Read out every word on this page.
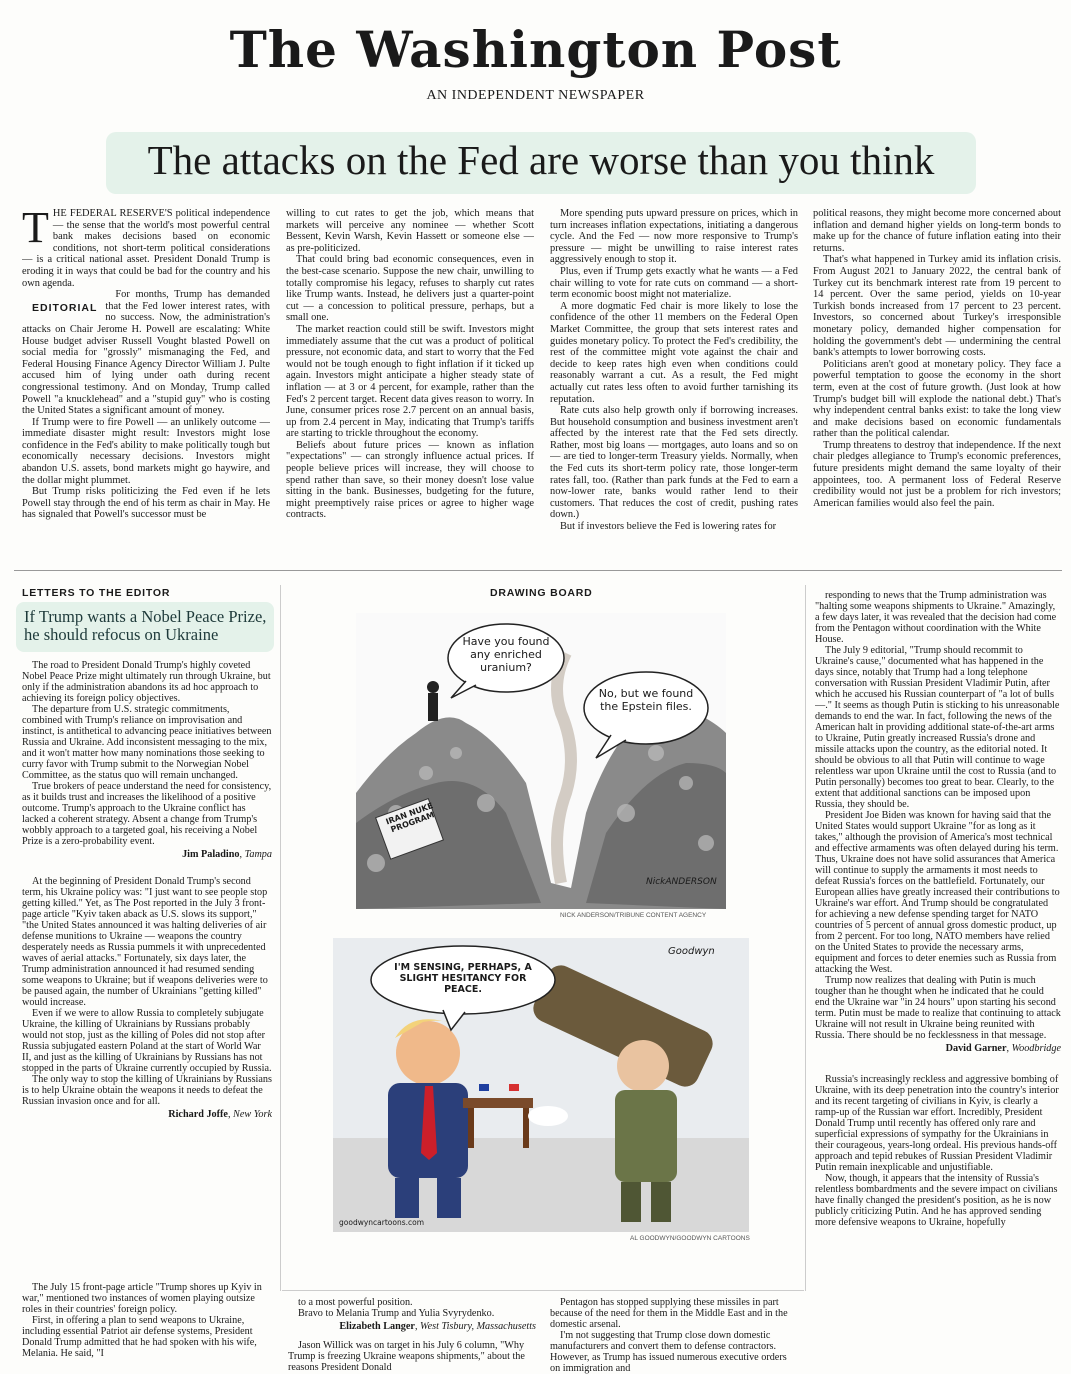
The Washington Post
AN INDEPENDENT NEWSPAPER
The attacks on the Fed are worse than you think
T HE FEDERAL RESERVE'S political independence — the sense that the world's most powerful central bank makes decisions based on economic conditions, not short-term political considerations — is a critical national asset. President Donald Trump is eroding it in ways that could be bad for the country and his own agenda.

EDITORIAL
For months, Trump has demanded that the Fed lower interest rates, with no success. Now, the administration's attacks on Chair Jerome H. Powell are escalating: White House budget adviser Russell Vought blasted Powell on social media for "grossly" mismanaging the Fed, and Federal Housing Finance Agency Director William J. Pulte accused him of lying under oath during recent congressional testimony. And on Monday, Trump called Powell "a knucklehead" and a "stupid guy" who is costing the United States a significant amount of money.

If Trump were to fire Powell — an unlikely outcome — immediate disaster might result: Investors might lose confidence in the Fed's ability to make politically tough but economically necessary decisions. Investors might abandon U.S. assets, bond markets might go haywire, and the dollar might plummet.

But Trump risks politicizing the Fed even if he lets Powell stay through the end of his term as chair in May. He has signaled that Powell's successor must be

willing to cut rates to get the job, which means that markets will perceive any nominee — whether Scott Bessent, Kevin Warsh, Kevin Hassett or someone else — as pre-politicized.

That could bring bad economic consequences, even in the best-case scenario. Suppose the new chair, unwilling to totally compromise his legacy, refuses to sharply cut rates like Trump wants. Instead, he delivers just a quarter-point cut — a concession to political pressure, perhaps, but a small one.

The market reaction could still be swift. Investors might immediately assume that the cut was a product of political pressure, not economic data, and start to worry that the Fed would not be tough enough to fight inflation if it ticked up again. Investors might anticipate a higher steady state of inflation — at 3 or 4 percent, for example, rather than the Fed's 2 percent target. Recent data gives reason to worry. In June, consumer prices rose 2.7 percent on an annual basis, up from 2.4 percent in May, indicating that Trump's tariffs are starting to trickle throughout the economy.

Beliefs about future prices — known as inflation "expectations" — can strongly influence actual prices. If people believe prices will increase, they will choose to spend rather than save, so their money doesn't lose value sitting in the bank. Businesses, budgeting for the future, might preemptively raise prices or agree to higher wage contracts.

More spending puts upward pressure on prices, which in turn increases inflation expectations, initiating a dangerous cycle. And the Fed — now more responsive to Trump's pressure — might be unwilling to raise interest rates aggressively enough to stop it.

Plus, even if Trump gets exactly what he wants — a Fed chair willing to vote for rate cuts on command — a short-term economic boost might not materialize.

A more dogmatic Fed chair is more likely to lose the confidence of the other 11 members on the Federal Open Market Committee, the group that sets interest rates and guides monetary policy. To protect the Fed's credibility, the rest of the committee might vote against the chair and decide to keep rates high even when conditions could reasonably warrant a cut. As a result, the Fed might actually cut rates less often to avoid further tarnishing its reputation.

Rate cuts also help growth only if borrowing increases. But household consumption and business investment aren't affected by the interest rate that the Fed sets directly. Rather, most big loans — mortgages, auto loans and so on — are tied to longer-term Treasury yields. Normally, when the Fed cuts its short-term policy rate, those longer-term rates fall, too. (Rather than park funds at the Fed to earn a now-lower rate, banks would rather lend to their customers. That reduces the cost of credit, pushing rates down.)

But if investors believe the Fed is lowering rates for

political reasons, they might become more concerned about inflation and demand higher yields on long-term bonds to make up for the chance of future inflation eating into their returns.

That's what happened in Turkey amid its inflation crisis. From August 2021 to January 2022, the central bank of Turkey cut its benchmark interest rate from 19 percent to 14 percent. Over the same period, yields on 10-year Turkish bonds increased from 17 percent to 23 percent. Investors, so concerned about Turkey's irresponsible monetary policy, demanded higher compensation for holding the government's debt — undermining the central bank's attempts to lower borrowing costs.

Politicians aren't good at monetary policy. They face a powerful temptation to goose the economy in the short term, even at the cost of future growth. (Just look at how Trump's budget bill will explode the national debt.) That's why independent central banks exist: to take the long view and make decisions based on economic fundamentals rather than the political calendar.

Trump threatens to destroy that independence. If the next chair pledges allegiance to Trump's economic preferences, future presidents might demand the same loyalty of their appointees, too. A permanent loss of Federal Reserve credibility would not just be a problem for rich investors; American families would also feel the pain.

LETTERS TO THE EDITOR
If Trump wants a Nobel Peace Prize, he should refocus on Ukraine

The road to President Donald Trump's highly coveted Nobel Peace Prize might ultimately run through Ukraine, but only if the administration abandons its ad hoc approach to achieving its foreign policy objectives.

The departure from U.S. strategic commitments, combined with Trump's reliance on improvisation and instinct, is antithetical to advancing peace initiatives between Russia and Ukraine. Add inconsistent messaging to the mix, and it won't matter how many nominations those seeking to curry favor with Trump submit to the Norwegian Nobel Committee, as the status quo will remain unchanged.

True brokers of peace understand the need for consistency, as it builds trust and increases the likelihood of a positive outcome. Trump's approach to the Ukraine conflict has lacked a coherent strategy. Absent a change from Trump's wobbly approach to a targeted goal, his receiving a Nobel Prize is a zero-probability event.

Jim Paladino, Tampa

At the beginning of President Donald Trump's second term, his Ukraine policy was: "I just want to see people stop getting killed." Yet, as The Post reported in the July 3 front-page article "Kyiv taken aback as U.S. slows its support," "the United States announced it was halting deliveries of air defense munitions to Ukraine — weapons the country desperately needs as Russia pummels it with unprecedented waves of aerial attacks." Fortunately, six days later, the Trump administration announced it had resumed sending some weapons to Ukraine; but if weapons deliveries were to be paused again, the number of Ukrainians "getting killed" would increase.

Even if we were to allow Russia to completely subjugate Ukraine, the killing of Ukrainians by Russians probably would not stop, just as the killing of Poles did not stop after Russia subjugated eastern Poland at the start of World War II, and just as the killing of Ukrainians by Russians has not stopped in the parts of Ukraine currently occupied by Russia.

The only way to stop the killing of Ukrainians by Russians is to help Ukraine obtain the weapons it needs to defeat the Russian invasion once and for all.

Richard Joffe, New York

The July 15 front-page article "Trump shores up Kyiv in war," mentioned two instances of women playing outsize roles in their countries' foreign policy.

First, in offering a plan to send weapons to Ukraine, including essential Patriot air defense systems, President Donald Trump admitted that he had spoken with his wife, Melania. He said, "I

DRAWING BOARD
Have you found any enriched uranium?
No, but we found the Epstein files.
IRAN NUKE PROGRAM
NickANDERSON
NICK ANDERSON/TRIBUNE CONTENT AGENCY
I'M SENSING, PERHAPS, A SLIGHT HESITANCY FOR PEACE.
Goodwyn
goodwyncartoons.com
AL GOODWYN/GOODWYN CARTOONS

to a most powerful position.

Bravo to Melania Trump and Yulia Svyrydenko.

Elizabeth Langer, West Tisbury, Massachusetts

Jason Willick was on target in his July 6 column, "Why Trump is freezing Ukraine weapons shipments," about the reasons President Donald

Pentagon has stopped supplying these missiles in part because of the need for them in the Middle East and in the domestic arsenal.

I'm not suggesting that Trump close down domestic manufacturers and convert them to defense contractors. However, as Trump has issued numerous executive orders on immigration and

responding to news that the Trump administration was "halting some weapons shipments to Ukraine." Amazingly, a few days later, it was revealed that the decision had come from the Pentagon without coordination with the White House.

The July 9 editorial, "Trump should recommit to Ukraine's cause," documented what has happened in the days since, notably that Trump had a long telephone conversation with Russian President Vladimir Putin, after which he accused his Russian counterpart of "a lot of bulls—." It seems as though Putin is sticking to his unreasonable demands to end the war. In fact, following the news of the American halt in providing additional state-of-the-art arms to Ukraine, Putin greatly increased Russia's drone and missile attacks upon the country, as the editorial noted. It should be obvious to all that Putin will continue to wage relentless war upon Ukraine until the cost to Russia (and to Putin personally) becomes too great to bear. Clearly, to the extent that additional sanctions can be imposed upon Russia, they should be.

President Joe Biden was known for having said that the United States would support Ukraine "for as long as it takes," although the provision of America's most technical and effective armaments was often delayed during his term. Thus, Ukraine does not have solid assurances that America will continue to supply the armaments it most needs to defeat Russia's forces on the battlefield. Fortunately, our European allies have greatly increased their contributions to Ukraine's war effort. And Trump should be congratulated for achieving a new defense spending target for NATO countries of 5 percent of annual gross domestic product, up from 2 percent. For too long, NATO members have relied on the United States to provide the necessary arms, equipment and forces to deter enemies such as Russia from attacking the West.

Trump now realizes that dealing with Putin is much tougher than he thought when he indicated that he could end the Ukraine war "in 24 hours" upon starting his second term. Putin must be made to realize that continuing to attack Ukraine will not result in Ukraine being reunited with Russia. There should be no fecklessness in that message.

David Garner, Woodbridge

Russia's increasingly reckless and aggressive bombing of Ukraine, with its deep penetration into the country's interior and its recent targeting of civilians in Kyiv, is clearly a ramp-up of the Russian war effort. Incredibly, President Donald Trump until recently has offered only rare and superficial expressions of sympathy for the Ukrainians in their courageous, years-long ordeal. His previous hands-off approach and tepid rebukes of Russian President Vladimir Putin remain inexplicable and unjustifiable.

Now, though, it appears that the intensity of Russia's relentless bombardments and the severe impact on civilians have finally changed the president's position, as he is now publicly criticizing Putin. And he has approved sending more defensive weapons to Ukraine, hopefully
